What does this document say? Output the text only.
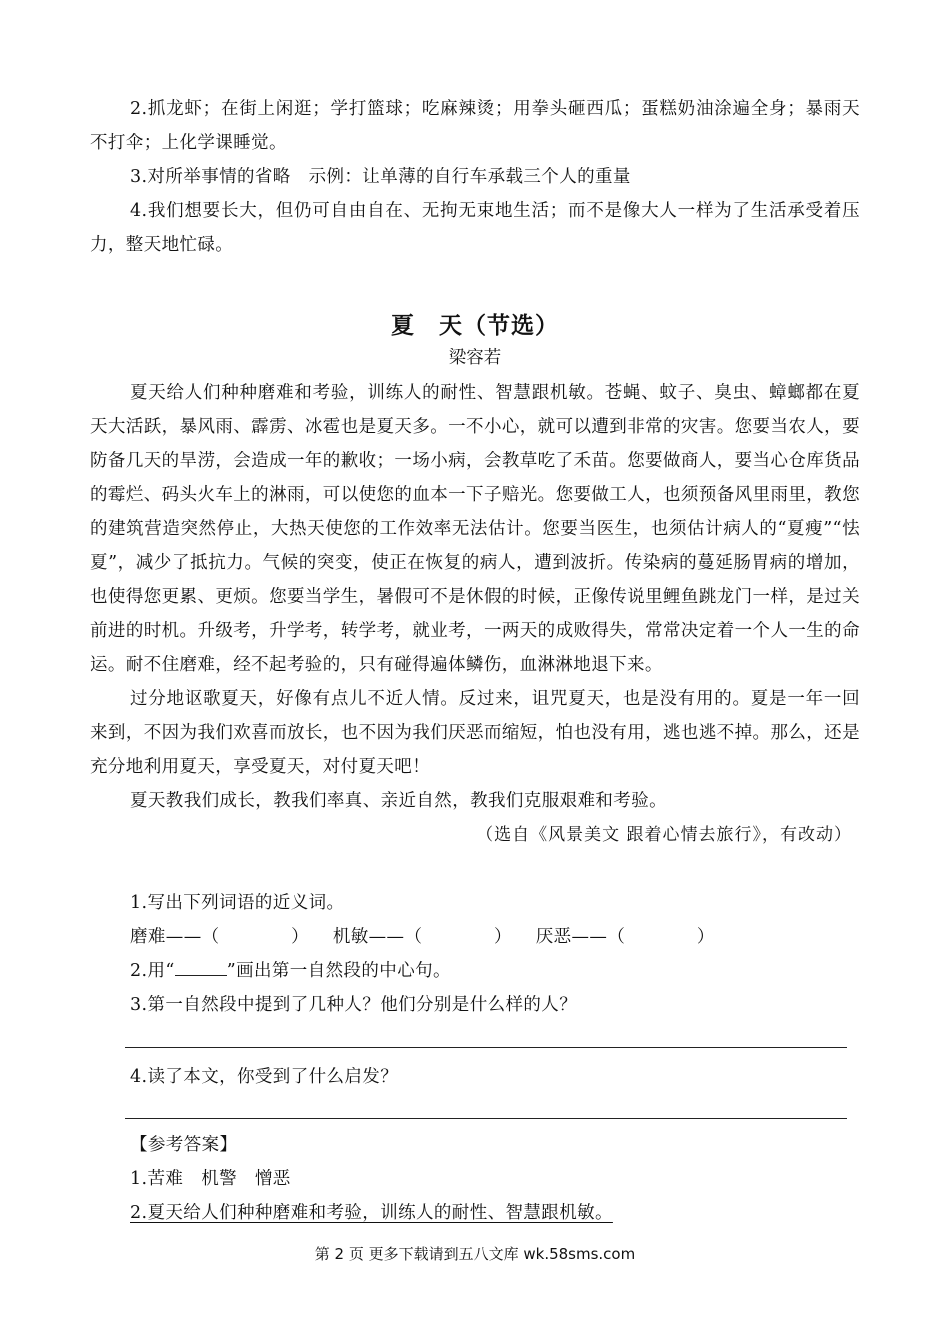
2.抓龙虾；在街上闲逛；学打篮球；吃麻辣烫；用拳头砸西瓜；蛋糕奶油涂遍全身；暴雨天不打伞；上化学课睡觉。

3.对所举事情的省略　示例：让单薄的自行车承载三个人的重量

4.我们想要长大，但仍可自由自在、无拘无束地生活；而不是像大人一样为了生活承受着压力，整天地忙碌。

夏　天（节选）
梁容若

夏天给人们种种磨难和考验，训练人的耐性、智慧跟机敏。苍蝇、蚊子、臭虫、蟑螂都在夏天大活跃，暴风雨、霹雳、冰雹也是夏天多。一不小心，就可以遭到非常的灾害。您要当农人，要防备几天的旱涝，会造成一年的歉收；一场小病，会教草吃了禾苗。您要做商人，要当心仓库货品的霉烂、码头火车上的淋雨，可以使您的血本一下子赔光。您要做工人，也须预备风里雨里，教您的建筑营造突然停止，大热天使您的工作效率无法估计。您要当医生，也须估计病人的“夏瘦”“怯夏”，减少了抵抗力。气候的突变，使正在恢复的病人，遭到波折。传染病的蔓延肠胃病的增加，也使得您更累、更烦。您要当学生，暑假可不是休假的时候，正像传说里鲤鱼跳龙门一样，是过关前进的时机。升级考，升学考，转学考，就业考，一两天的成败得失，常常决定着一个人一生的命运。耐不住磨难，经不起考验的，只有碰得遍体鳞伤，血淋淋地退下来。

过分地讴歌夏天，好像有点儿不近人情。反过来，诅咒夏天，也是没有用的。夏是一年一回来到，不因为我们欢喜而放长，也不因为我们厌恶而缩短，怕也没有用，逃也逃不掉。那么，还是充分地利用夏天，享受夏天，对付夏天吧！

夏天教我们成长，教我们率真、亲近自然，教我们克服艰难和考验。

（选自《风景美文 跟着心情去旅行》，有改动）

1.写出下列词语的近义词。

磨难——（　　　　） 机敏——（　　　　） 厌恶——（　　　　）

2.用“	”画出第一自然段的中心句。

3.第一自然段中提到了几种人？他们分别是什么样的人？

4.读了本文，你受到了什么启发？

【参考答案】

1.苦难　机警　憎恶

2.夏天给人们种种磨难和考验，训练人的耐性、智慧跟机敏。

第 2 页 更多下载请到五八文库 wk.58sms.com
